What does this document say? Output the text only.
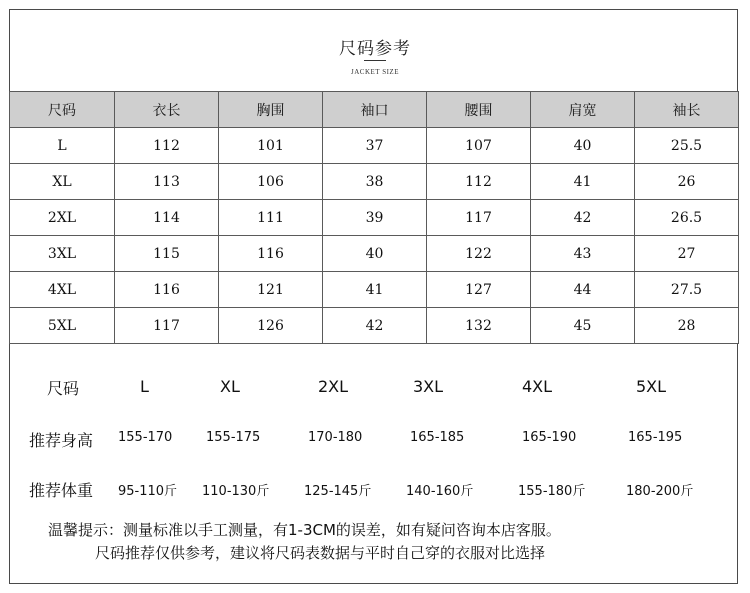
尺码参考
JACKET SIZE
尺码	衣长	胸围	袖口	腰围	肩宽	袖长
L	112	101	37	107	40	25.5
XL	113	106	38	112	41	26
2XL	114	111	39	117	42	26.5
3XL	115	116	40	122	43	27
4XL	116	121	41	127	44	27.5
5XL	117	126	42	132	45	28
尺码	L	XL	2XL	3XL	4XL	5XL
推荐身高 155-170	155-175	170-180	165-185	165-190	165-195
推荐体重 95-110斤 110-130斤	125-145斤	140-160斤	155-180斤	180-200斤
温馨提示：测量标准以手工测量，有1-3CM的误差，如有疑问咨询本店客服。
尺码推荐仅供参考，建议将尺码表数据与平时自己穿的衣服对比选择
